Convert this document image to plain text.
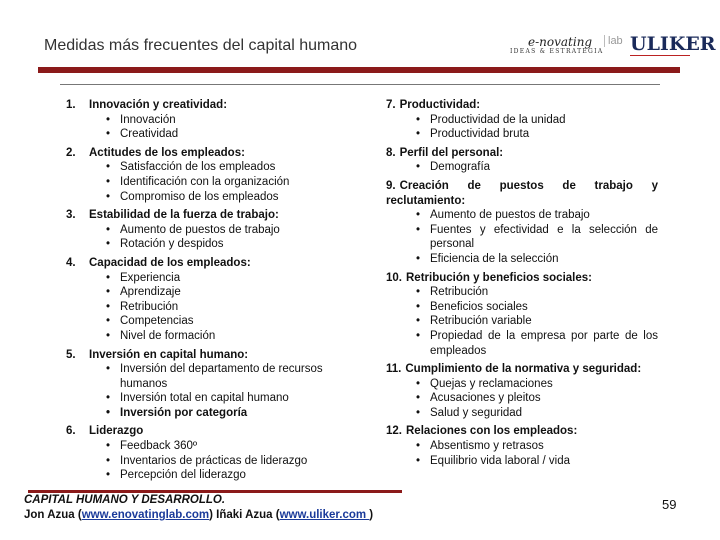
Medidas más frecuentes del capital humano	e-novating	lab
IDEAS & ESTRATEGIA ULIKER
1. Innovación y creatividad:
• Innovación
• Creatividad
2. Actitudes de los empleados:
• Satisfacción de los empleados
• Identificación con la organización
• Compromiso de los empleados
3. Estabilidad de la fuerza de trabajo:
• Aumento de puestos de trabajo
• Rotación y despidos
4. Capacidad de los empleados:
• Experiencia
• Aprendizaje
• Retribución
• Competencias
• Nivel de formación
5. Inversión en capital humano:
• Inversión del departamento de recursos humanos
• Inversión total en capital humano
• Inversión por categoría
6. Liderazgo
• Feedback 360º
• Inventarios de prácticas de liderazgo
• Percepción del liderazgo
7. Productividad:
• Productividad de la unidad
• Productividad bruta
8. Perfil del personal:
• Demografía
9. Creación de puestos de trabajo y reclutamiento:
• Aumento de puestos de trabajo
• Fuentes y efectividad e la selección de personal
• Eficiencia de la selección
10. Retribución y beneficios sociales:
• Retribución
• Beneficios sociales
• Retribución variable
• Propiedad de la empresa por parte de los empleados
11. Cumplimiento de la normativa y seguridad:
• Quejas y reclamaciones
• Acusaciones y pleitos
• Salud y seguridad
12. Relaciones con los empleados:
• Absentismo y retrasos
• Equilibrio vida laboral / vida
CAPITAL HUMANO Y DESARROLLO.
Jon Azua (www.enovatinglab.com) Iñaki Azua (www.uliker.com )
59
